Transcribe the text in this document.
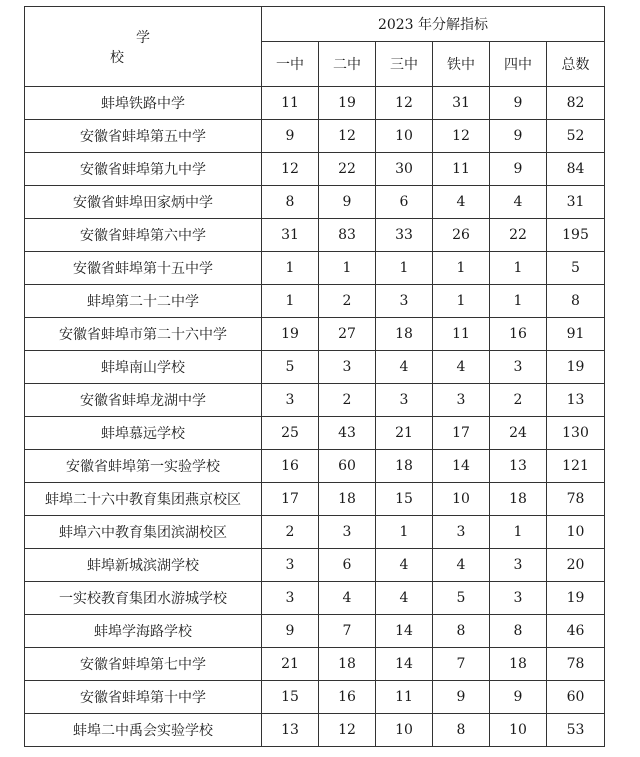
学 校	2023 年分解指标					
	一中	二中	三中	铁中	四中	总数
蚌埠铁路中学	11	19	12	31	9	82
安徽省蚌埠第五中学	9	12	10	12	9	52
安徽省蚌埠第九中学	12	22	30	11	9	84
安徽省蚌埠田家炳中学	8	9	6	4	4	31
安徽省蚌埠第六中学	31	83	33	26	22	195
安徽省蚌埠第十五中学	1	1	1	1	1	5
蚌埠第二十二中学	1	2	3	1	1	8
安徽省蚌埠市第二十六中学	19	27	18	11	16	91
蚌埠南山学校	5	3	4	4	3	19
安徽省蚌埠龙湖中学	3	2	3	3	2	13
蚌埠慕远学校	25	43	21	17	24	130
安徽省蚌埠第一实验学校	16	60	18	14	13	121
蚌埠二十六中教育集团燕京校区	17	18	15	10	18	78
蚌埠六中教育集团滨湖校区	2	3	1	3	1	10
蚌埠新城滨湖学校	3	6	4	4	3	20
一实校教育集团水游城学校	3	4	4	5	3	19
蚌埠学海路学校	9	7	14	8	8	46
安徽省蚌埠第七中学	21	18	14	7	18	78
安徽省蚌埠第十中学	15	16	11	9	9	60
蚌埠二中禹会实验学校	13	12	10	8	10	53
